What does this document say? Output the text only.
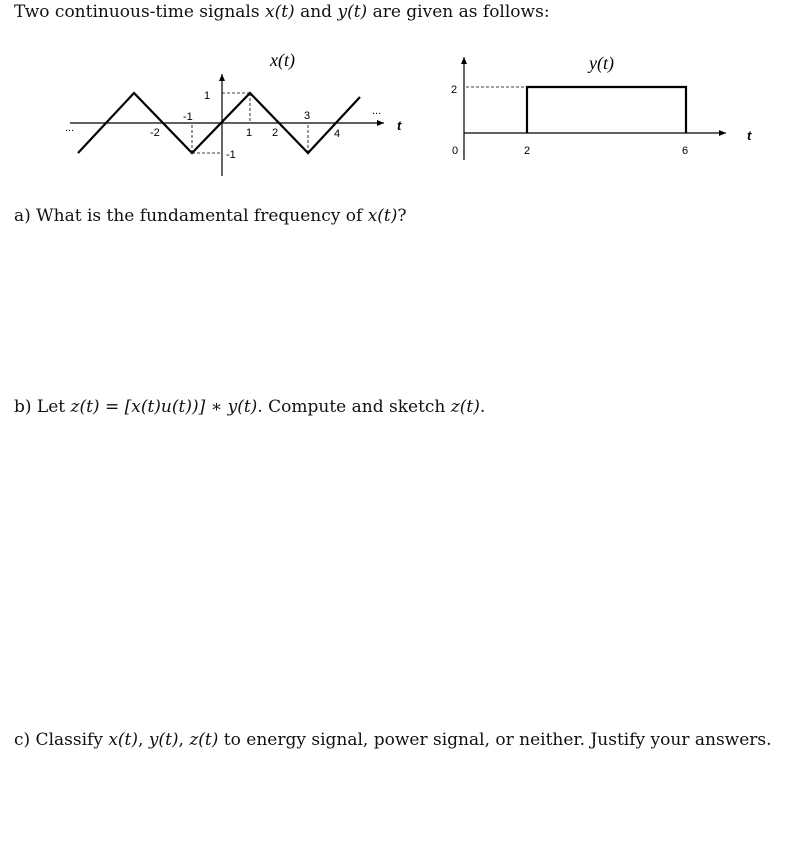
Two continuous-time signals x(t) and y(t) are given as follows:

x(t)
...
...
-2
-1
1 2
3
4
1
-1
t
y(t)
2
0	2	6
t

a) What is the fundamental frequency of x(t)?

b) Let z(t) = [x(t)u(t))] ∗ y(t). Compute and sketch z(t).

c) Classify x(t), y(t), z(t) to energy signal, power signal, or neither. Justify your answers.
